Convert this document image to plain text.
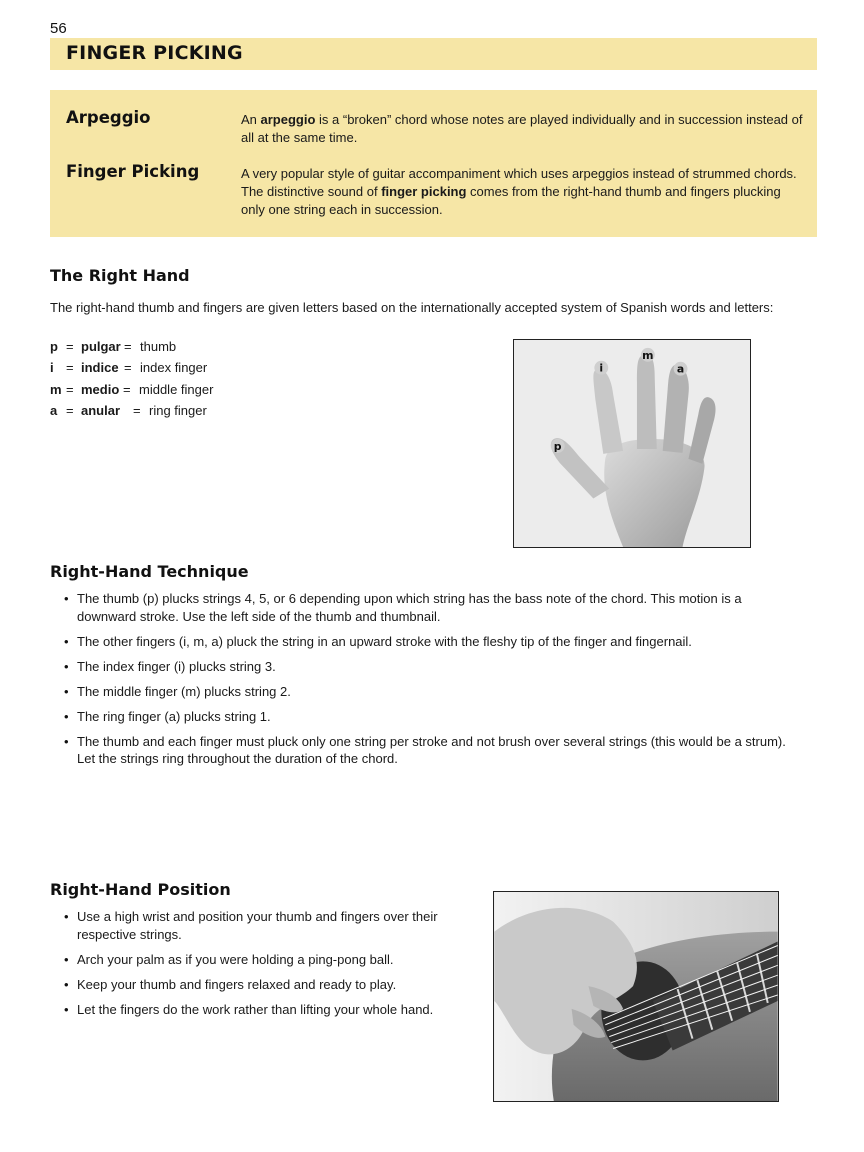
56
FINGER PICKING
Arpeggio	An arpeggio is a “broken” chord whose notes are played individually and in succession instead of all at the same time.
Finger Picking	A very popular style of guitar accompaniment which uses arpeggios instead of strummed chords. The distinctive sound of finger picking comes from the right-hand thumb and fingers plucking only one string each in succession.
The Right Hand
The right-hand thumb and fingers are given letters based on the internationally accepted system of Spanish words and letters:
p = pulgar = thumb
i = indice = index finger
m = medio = middle finger
a = anular = ring finger
m
i	a
p
Right-Hand Technique
• The thumb (p) plucks strings 4, 5, or 6 depending upon which string has the bass note of the chord. This motion is a downward stroke. Use the left side of the thumb and thumbnail.
• The other fingers (i, m, a) pluck the string in an upward stroke with the fleshy tip of the finger and fingernail.
• The index finger (i) plucks string 3.
• The middle finger (m) plucks string 2.
• The ring finger (a) plucks string 1.
• The thumb and each finger must pluck only one string per stroke and not brush over several strings (this would be a strum). Let the strings ring throughout the duration of the chord.
Right-Hand Position
• Use a high wrist and position your thumb and fingers over their respective strings.
• Arch your palm as if you were holding a ping-pong ball.
• Keep your thumb and fingers relaxed and ready to play.
• Let the fingers do the work rather than lifting your whole hand.
